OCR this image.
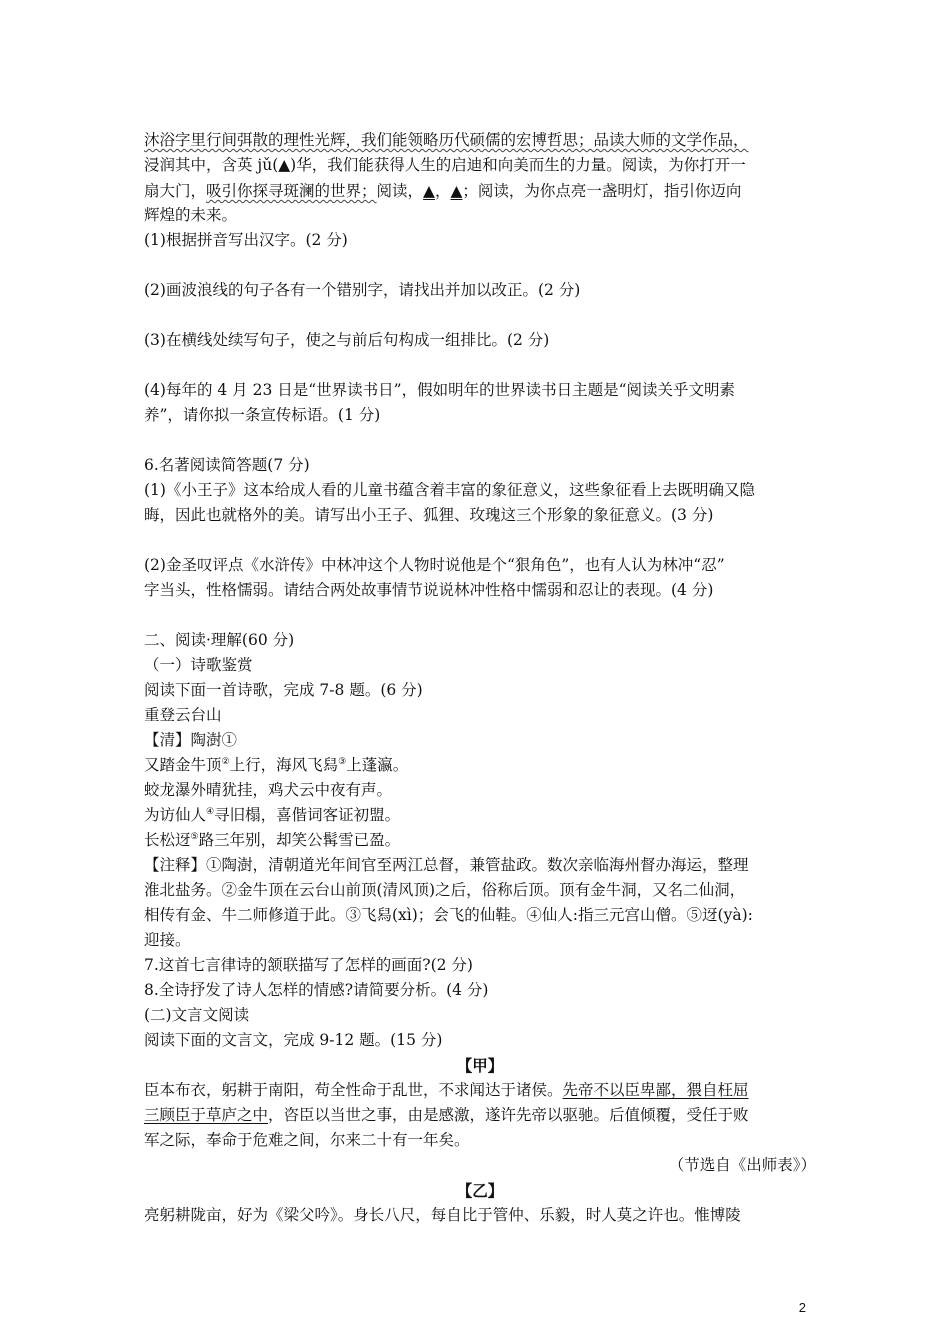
沐浴字里行间弭散的理性光辉，我们能领略历代硕儒的宏博哲思；品读大师的文学作品，
浸润其中，含英 jǔ(▲)华，我们能获得人生的启迪和向美而生的力量。阅读，为你打开一
扇大门，吸引你探寻斑澜的世界；阅读，▲，▲；阅读，为你点亮一盏明灯，指引你迈向
辉煌的未来。
(1)根据拼音写出汉字。(2 分)
(2)画波浪线的句子各有一个错别字，请找出并加以改正。(2 分)
(3)在横线处续写句子，使之与前后句构成一组排比。(2 分)
(4)每年的 4 月 23 日是“世界读书日”，假如明年的世界读书日主题是“阅读关乎文明素
养”，请你拟一条宣传标语。(1 分)
6.名著阅读简答题(7 分)
(1)《小王子》这本给成人看的儿童书蕴含着丰富的象征意义，这些象征看上去既明确又隐
晦，因此也就格外的美。请写出小王子、狐狸、玫瑰这三个形象的象征意义。(3 分)
(2)金圣叹评点《水浒传》中林冲这个人物时说他是个“狠角色”，也有人认为林冲“忍”
字当头，性格懦弱。请结合两处故事情节说说林冲性格中懦弱和忍让的表现。(4 分)
二、阅读·理解(60 分)
（一）诗歌鉴赏
阅读下面一首诗歌，完成 7-8 题。(6 分)
重登云台山
【清】陶澍①
又踏金牛顶②上行，海风飞舄③上蓬瀛。
蛟龙瀑外晴犹挂，鸡犬云中夜有声。
为访仙人④寻旧榻，喜偕词客证初盟。
长松迓⑤路三年别，却笑公髯雪已盈。
【注释】①陶澍，清朝道光年间官至两江总督，兼管盐政。数次亲临海州督办海运，整理
淮北盐务。②金牛顶在云台山前顶(清风顶)之后，俗称后顶。顶有金牛洞，又名二仙洞，
相传有金、牛二师修道于此。③飞舄(xì)；会飞的仙鞋。④仙人:指三元宫山僧。⑤迓(yà):
迎接。
7.这首七言律诗的颔联描写了怎样的画面?(2 分)
8.全诗抒发了诗人怎样的情感?请简要分析。(4 分)
(二)文言文阅读
阅读下面的文言文，完成 9-12 题。(15 分)
【甲】
臣本布衣，躬耕于南阳，苟全性命于乱世，不求闻达于诸侯。先帝不以臣卑鄙，猥自枉屈
三顾臣于草庐之中，咨臣以当世之事，由是感激，遂许先帝以驱驰。后值倾覆，受任于败
军之际，奉命于危难之间，尔来二十有一年矣。
（节选自《出师表》）
【乙】
亮躬耕陇亩，好为《梁父吟》。身长八尺，每自比于管仲、乐毅，时人莫之许也。惟博陵
2
